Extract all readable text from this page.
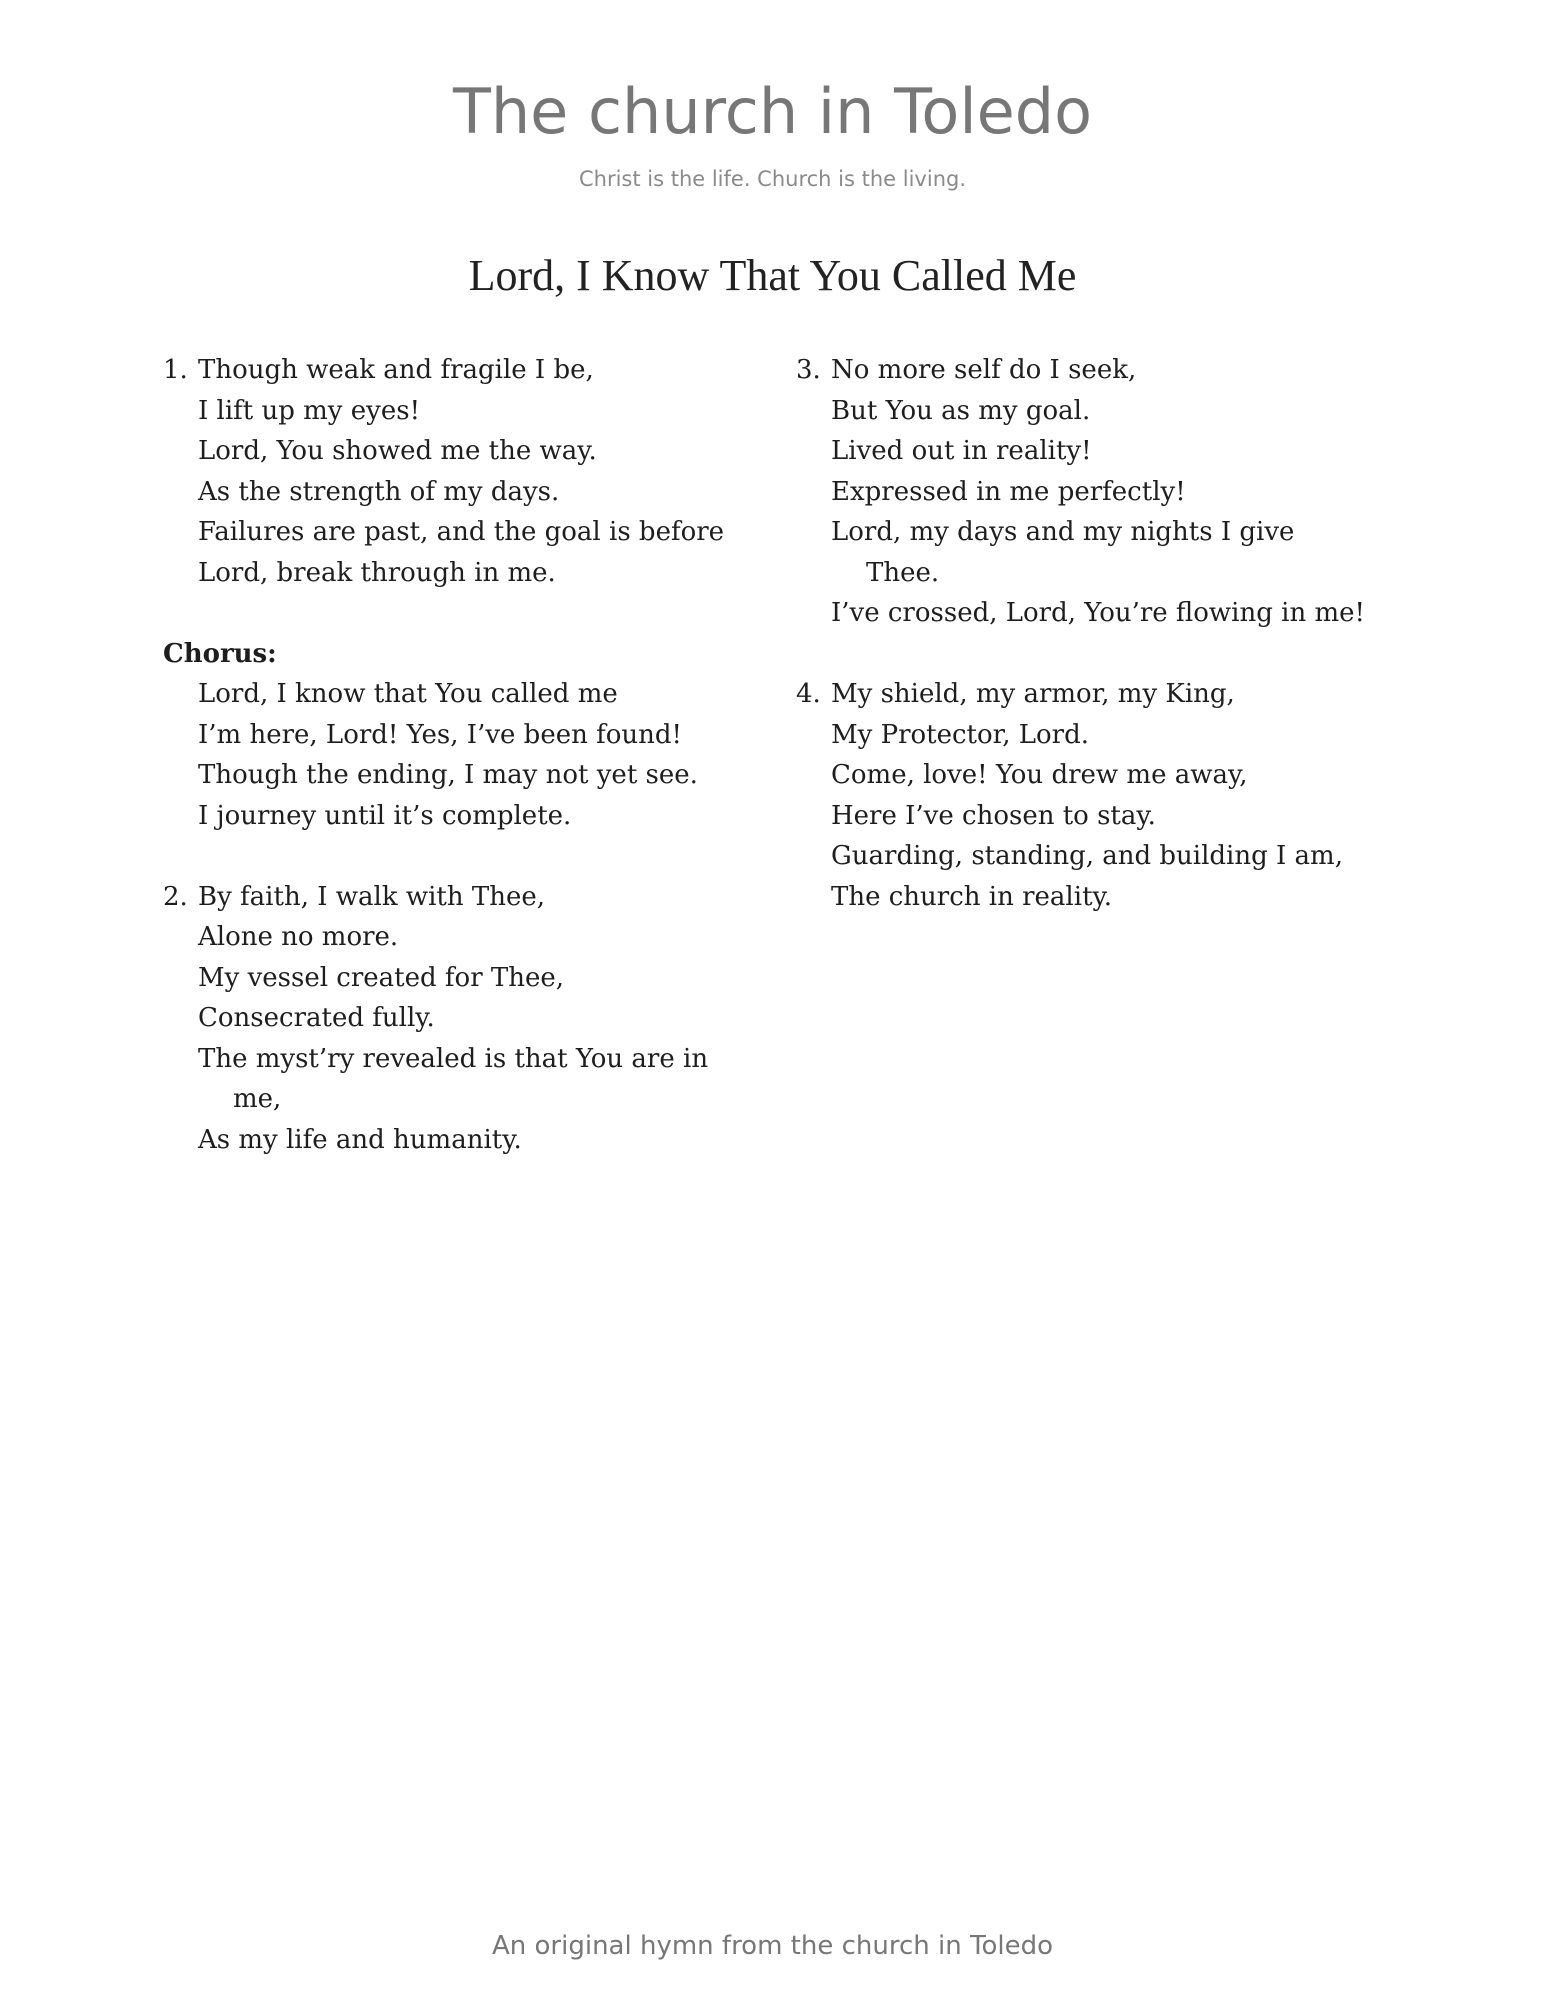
The church in Toledo

Christ is the life. Church is the living.

Lord, I Know That You Called Me
1. Though weak and fragile I be,
I lift up my eyes!
Lord, You showed me the way.
As the strength of my days.
Failures are past, and the goal is before
Lord, break through in me.
Chorus:
Lord, I know that You called me
I’m here, Lord! Yes, I’ve been found!
Though the ending, I may not yet see.
I journey until it’s complete.
2. By faith, I walk with Thee,
Alone no more.
My vessel created for Thee,
Consecrated fully.
The myst’ry revealed is that You are in
me,
As my life and humanity.
3. No more self do I seek,
But You as my goal.
Lived out in reality!
Expressed in me perfectly!
Lord, my days and my nights I give
Thee.
I’ve crossed, Lord, You’re flowing in me!
4. My shield, my armor, my King,
My Protector, Lord.
Come, love! You drew me away,
Here I’ve chosen to stay.
Guarding, standing, and building I am,
The church in reality.
An original hymn from the church in Toledo
